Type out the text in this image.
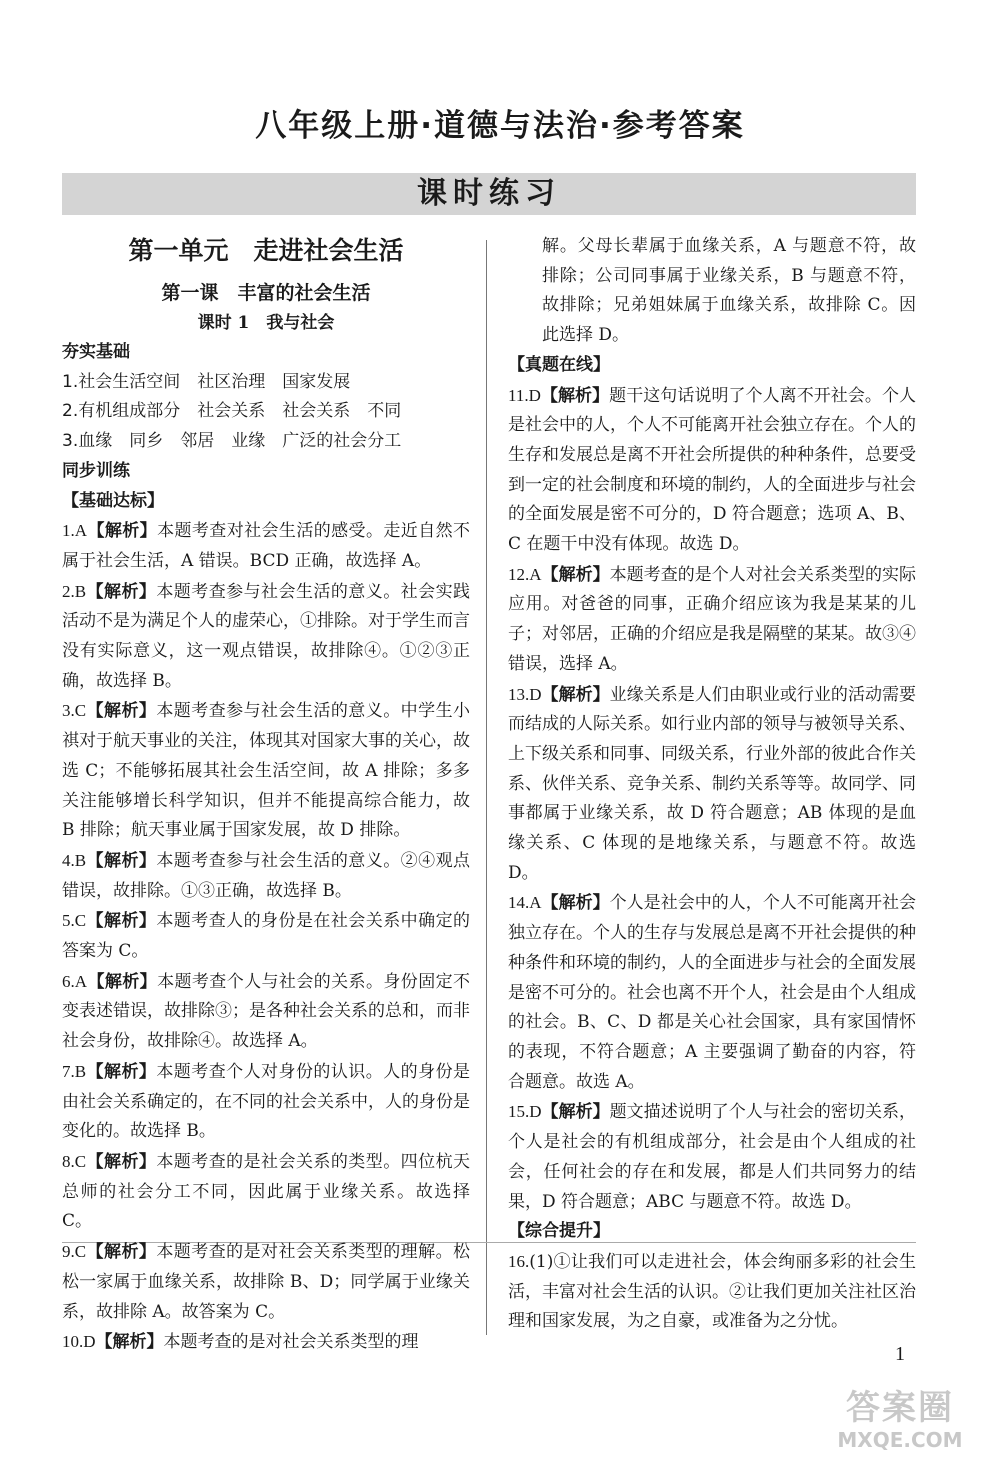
八年级上册·道德与法治·参考答案
课时练习
第一单元　走进社会生活
第一课　丰富的社会生活
课时 1　我与社会
夯实基础
1.社会生活空间　社区治理　国家发展
2.有机组成部分　社会关系　社会关系　不同
3.血缘　同乡　邻居　业缘　广泛的社会分工
同步训练
【基础达标】
1.A【解析】本题考查对社会生活的感受。走近自然不属于社会生活，A 错误。BCD 正确，故选择 A。
2.B【解析】本题考查参与社会生活的意义。社会实践活动不是为满足个人的虚荣心，①排除。对于学生而言没有实际意义，这一观点错误，故排除④。①②③正确，故选择 B。
3.C【解析】本题考查参与社会生活的意义。中学生小祺对于航天事业的关注，体现其对国家大事的关心，故选 C；不能够拓展其社会生活空间，故 A 排除；多多关注能够增长科学知识，但并不能提高综合能力，故 B 排除；航天事业属于国家发展，故 D 排除。
4.B【解析】本题考查参与社会生活的意义。②④观点错误，故排除。①③正确，故选择 B。
5.C【解析】本题考查人的身份是在社会关系中确定的答案为 C。
6.A【解析】本题考查个人与社会的关系。身份固定不变表述错误，故排除③；是各种社会关系的总和，而非社会身份，故排除④。故选择 A。
7.B【解析】本题考查个人对身份的认识。人的身份是由社会关系确定的，在不同的社会关系中，人的身份是变化的。故选择 B。
8.C【解析】本题考查的是社会关系的类型。四位杭天总师的社会分工不同，因此属于业缘关系。故选择 C。
9.C【解析】本题考查的是对社会关系类型的理解。松松一家属于血缘关系，故排除 B、D；同学属于业缘关系，故排除 A。故答案为 C。
10.D【解析】本题考查的是对社会关系类型的理
解。父母长辈属于血缘关系，A 与题意不符，故排除；公司同事属于业缘关系，B 与题意不符，故排除；兄弟姐妹属于血缘关系，故排除 C。因此选择 D。
【真题在线】
11.D【解析】题干这句话说明了个人离不开社会。个人是社会中的人，个人不可能离开社会独立存在。个人的生存和发展总是离不开社会所提供的种种条件，总要受到一定的社会制度和环境的制约，人的全面进步与社会的全面发展是密不可分的，D 符合题意；选项 A、B、C 在题干中没有体现。故选 D。
12.A【解析】本题考查的是个人对社会关系类型的实际应用。对爸爸的同事，正确介绍应该为我是某某的儿子；对邻居，正确的介绍应是我是隔壁的某某。故③④错误，选择 A。
13.D【解析】业缘关系是人们由职业或行业的活动需要而结成的人际关系。如行业内部的领导与被领导关系、上下级关系和同事、同级关系，行业外部的彼此合作关系、伙伴关系、竞争关系、制约关系等等。故同学、同事都属于业缘关系，故 D 符合题意；AB 体现的是血缘关系、C 体现的是地缘关系，与题意不符。故选 D。
14.A【解析】个人是社会中的人，个人不可能离开社会独立存在。个人的生存与发展总是离不开社会提供的种种条件和环境的制约，人的全面进步与社会的全面发展是密不可分的。社会也离不开个人，社会是由个人组成的社会。B、C、D 都是关心社会国家，具有家国情怀的表现，不符合题意；A 主要强调了勤奋的内容，符合题意。故选 A。
15.D【解析】题文描述说明了个人与社会的密切关系，个人是社会的有机组成部分，社会是由个人组成的社会，任何社会的存在和发展，都是人们共同努力的结果，D 符合题意；ABC 与题意不符。故选 D。
【综合提升】
16.(1)①让我们可以走进社会，体会绚丽多彩的社会生活，丰富对社会生活的认识。②让我们更加关注社区治理和国家发展，为之自豪，或准备为之分忧。
1
答案圈
MXQE.COM
